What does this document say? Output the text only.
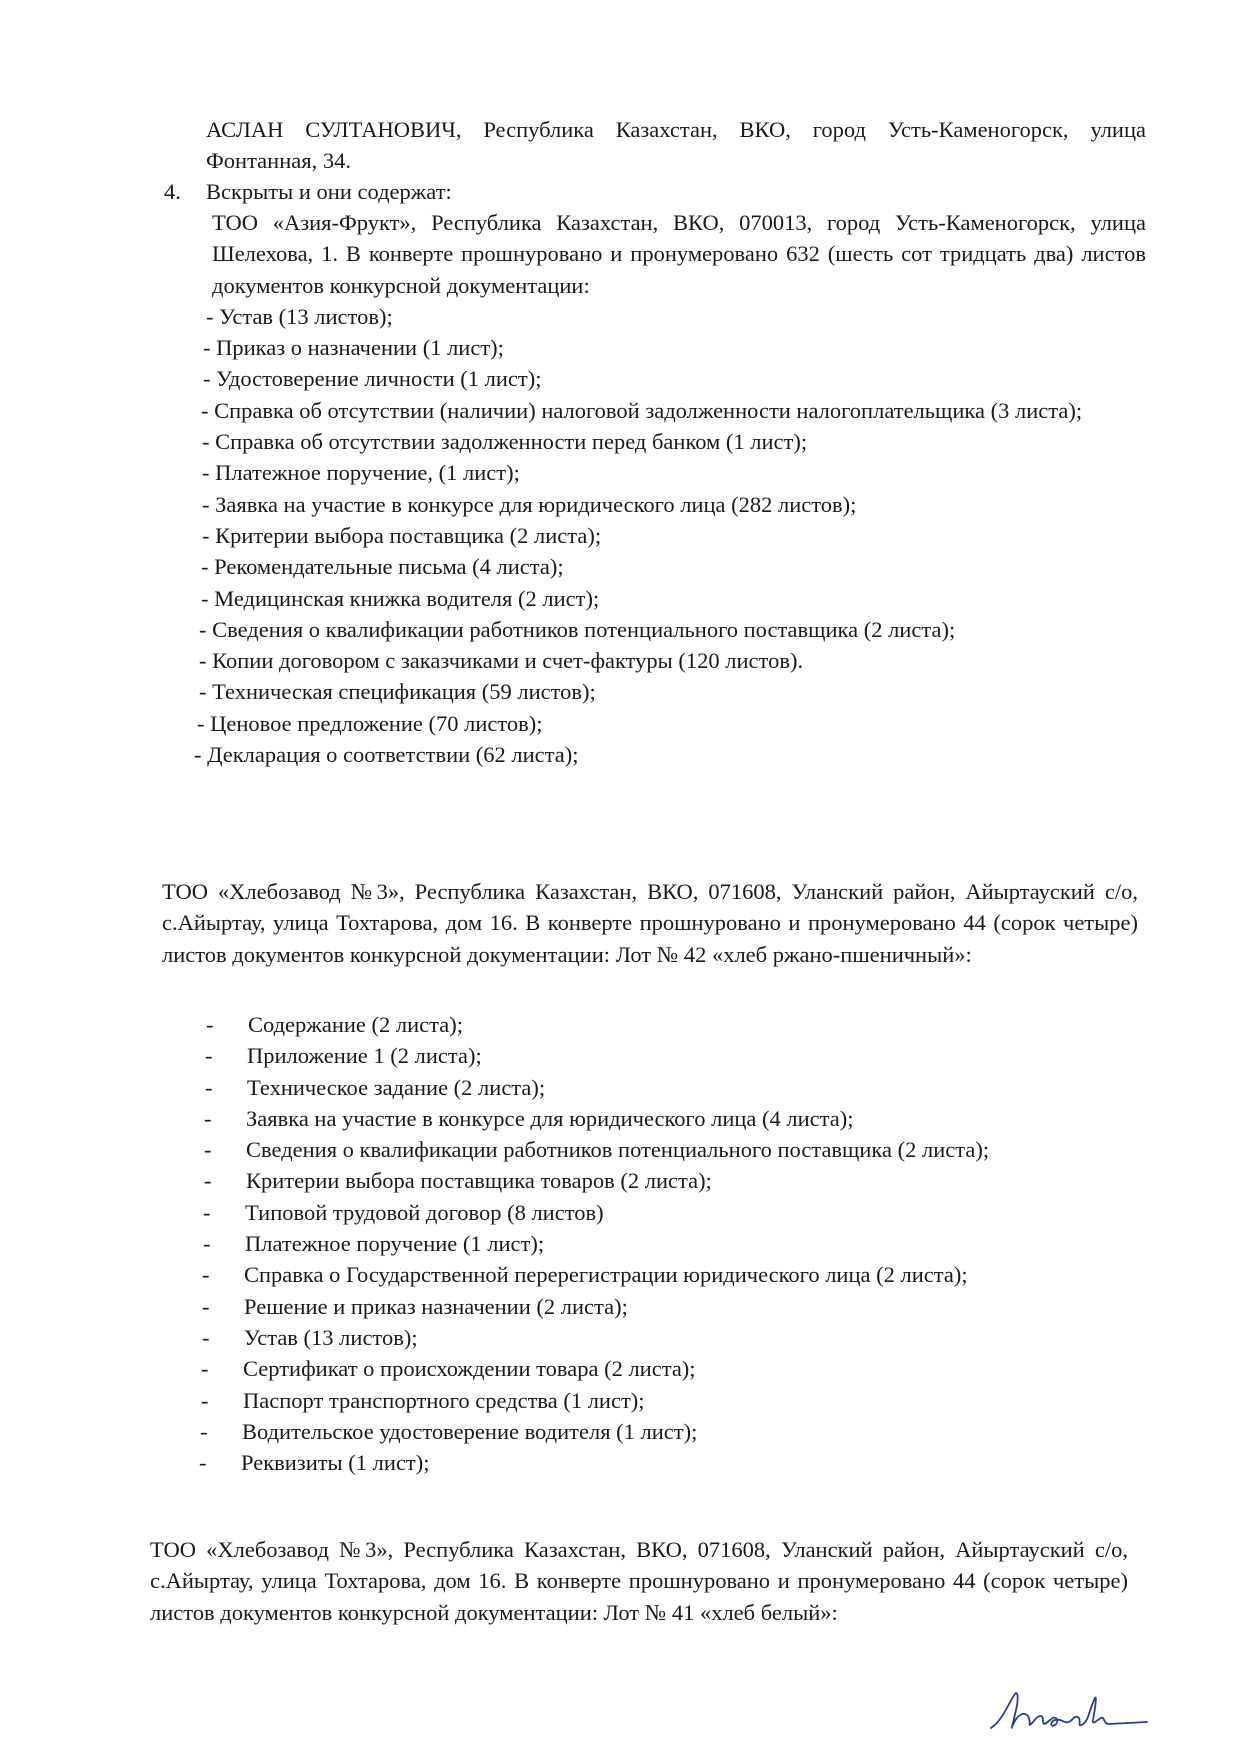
АСЛАН СУЛТАНОВИЧ, Республика Казахстан, ВКО, город Усть-Каменогорск, улица Фонтанная, 34.
4. Вскрыты и они содержат:
ТОО «Азия-Фрукт», Республика Казахстан, ВКО, 070013, город Усть-Каменогорск, улица Шелехова, 1. В конверте прошнуровано и пронумеровано 632 (шесть сот тридцать два) листов документов конкурсной документации:
- Устав (13 листов);
- Приказ о назначении (1 лист);
- Удостоверение личности (1 лист);
- Справка об отсутствии (наличии) налоговой задолженности налогоплательщика (3 листа);
- Справка об отсутствии задолженности перед банком (1 лист);
- Платежное поручение, (1 лист);
- Заявка на участие в конкурсе для юридического лица (282 листов);
- Критерии выбора поставщика (2 листа);
- Рекомендательные письма (4 листа);
- Медицинская книжка водителя (2 лист);
- Сведения о квалификации работников потенциального поставщика (2 листа);
- Копии договором с заказчиками и счет-фактуры (120 листов).
- Техническая спецификация (59 листов);
- Ценовое предложение (70 листов);
- Декларация о соответствии (62 листа);
ТОО «Хлебозавод №3», Республика Казахстан, ВКО, 071608, Уланский район, Айыртауский с/о, с.Айыртау, улица Тохтарова, дом 16. В конверте прошнуровано и пронумеровано 44 (сорок четыре) листов документов конкурсной документации: Лот № 42 «хлеб ржано-пшеничный»:
- Содержание (2 листа);
- Приложение 1 (2 листа);
- Техническое задание (2 листа);
- Заявка на участие в конкурсе для юридического лица (4 листа);
- Сведения о квалификации работников потенциального поставщика (2 листа);
- Критерии выбора поставщика товаров (2 листа);
- Типовой трудовой договор (8 листов)
- Платежное поручение (1 лист);
- Справка о Государственной перерегистрации юридического лица (2 листа);
- Решение и приказ назначении (2 листа);
- Устав (13 листов);
- Сертификат о происхождении товара (2 листа);
- Паспорт транспортного средства (1 лист);
- Водительское удостоверение водителя (1 лист);
- Реквизиты (1 лист);
ТОО «Хлебозавод №3», Республика Казахстан, ВКО, 071608, Уланский район, Айыртауский с/о, с.Айыртау, улица Тохтарова, дом 16. В конверте прошнуровано и пронумеровано 44 (сорок четыре) листов документов конкурсной документации: Лот № 41 «хлеб белый»:
